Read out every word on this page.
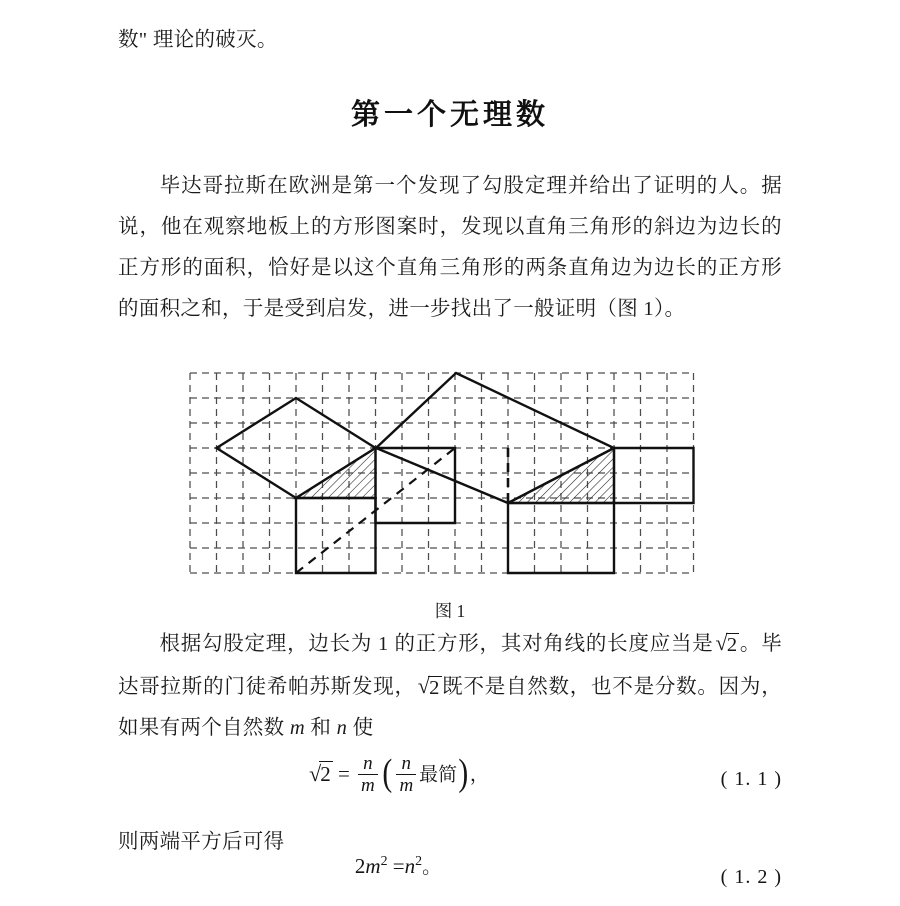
数" 理论的破灭。
第一个无理数
毕达哥拉斯在欧洲是第一个发现了勾股定理并给出了证明的人。据说，他在观察地板上的方形图案时，发现以直角三角形的斜边为边长的正方形的面积，恰好是以这个直角三角形的两条直角边为边长的正方形的面积之和，于是受到启发，进一步找出了一般证明（图 1）。
图 1
根据勾股定理，边长为 1 的正方形，其对角线的长度应当是√2。毕达哥拉斯的门徒希帕苏斯发现，√2既不是自然数，也不是分数。因为，如果有两个自然数 m 和 n 使
$√2 = \frac{n}{m}$ ( $\frac{n}{m}$ 最简)，	( 1. 1 )
则两端平方后可得
$2m^2 =n^2$。	( 1. 2 )
